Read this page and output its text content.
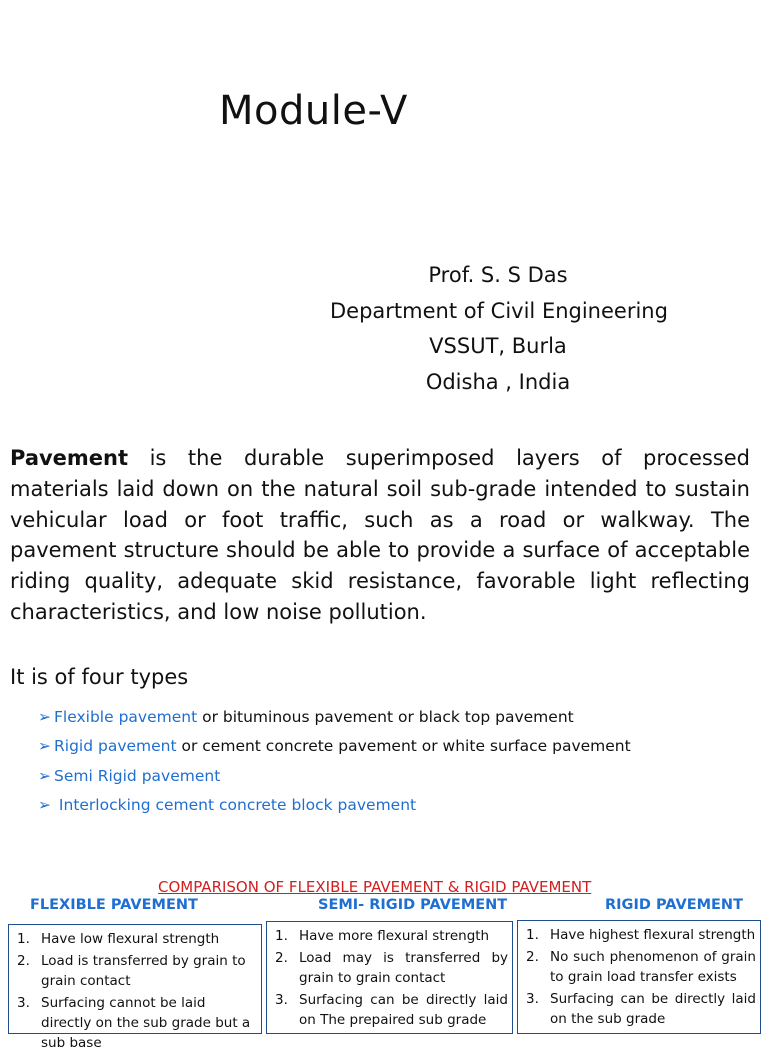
Module-V
Prof. S. S Das
Department of Civil Engineering
VSSUT, Burla
Odisha , India
Pavement is the durable superimposed layers of processed materials laid down on the natural soil sub-grade intended to sustain vehicular load or foot traffic, such as a road or walkway. The pavement structure should be able to provide a surface of acceptable riding quality, adequate skid resistance, favorable light reflecting characteristics, and low noise pollution.
It is of four types
➢ Flexible pavement or bituminous pavement or black top pavement
➢ Rigid pavement or cement concrete pavement or white surface pavement
➢ Semi Rigid pavement
➢ Interlocking cement concrete block pavement
COMPARISON OF FLEXIBLE PAVEMENT & RIGID PAVEMENT
FLEXIBLE PAVEMENT	SEMI- RIGID PAVEMENT	RIGID PAVEMENT
1. Have low flexural strength
2. Load is transferred by grain to grain contact
3. Surfacing cannot be laid directly on the sub grade but a sub base
1. Have more flexural strength
2. Load may is transferred by grain to grain contact
3. Surfacing can be directly laid on The prepaired sub grade
1. Have highest flexural strength
2. No such phenomenon of grain to grain load transfer exists
3. Surfacing can be directly laid on the sub grade
